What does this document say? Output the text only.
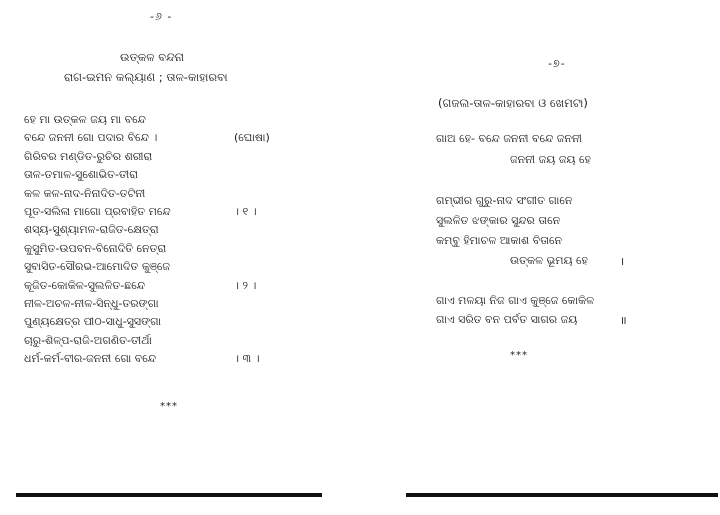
-୬ -
ଉତ୍କଳ ବନ୍ଦନା
ରାଗ-ଇମନ କଲ୍ୟାଣ ; ତାଳ-କାହାରବା
ହେ ମା ଉତ୍କଳ ଜୟ ମା ବନ୍ଦେ
ବନ୍ଦେ ଜନନୀ ଗୋ ପଦାର ବିନ୍ଦେ ।	(ଘୋଷା)
ଗିରିବର ମଣ୍ଡିତ-ରୁଚିର ଶରୀରା
ତାଳ-ତମାଳ-ସୁଶୋଭିତ-ତୀରା
କଳ କଳ-ନାଦ-ନିନାଦିତ-ତଟିନୀ
ପୂତ-ସଲିଳା ମାଗୋ ପ୍ରବାହିତ ମନ୍ଦେ	। ୧ ।
ଶସ୍ୟ-ସୁଶ୍ୟାମଳ-ରାଜିତ-କ୍ଷେତ୍ରା
କୁସୁମିତ-ଉପବନ-ବିନୋଦିତି ନେତ୍ରା
ସୁବାସିତ-ସୌରଭ-ଆମୋଦିତ କୁଞ୍ଜେ
କୂଜିତ-କୋକିଳ-ସୁଲଳିତ-ଛନ୍ଦେ	। ୨ ।
ନୀଳ-ଅଚଳ-ନୀଳ-ସିନ୍ଧୁ-ତରଙ୍ଗା
ପୁଣ୍ୟକ୍ଷେତ୍ର ପୀଠ-ସାଧୁ-ସୁସଙ୍ଗା
ଚାରୁ-ଶିଳ୍ପ-ରାଜି-ଅଗଣିତ-ତୀର୍ଥା
ଧର୍ମ-କର୍ମ-ବୀର-ଜନନୀ ଗୋ ବନ୍ଦେ	। ୩ ।
***
-୭-
(ଗଜଲ-ତାଳ-କାହାରବା ଓ ଖେମଟା)
ଗାଅ ହେ- ବନ୍ଦେ ଜନନୀ ବନ୍ଦେ ଜନନୀ
ଜନନୀ ଜୟ ଜୟ ହେ
ଗମ୍ଭୀର ଗୁରୁ-ନାଦ ସଂଗୀତ ଗାନେ
ସୁଲଳିତ ଝଙ୍କାର ସୁନ୍ଦର ତାନେ
କମ୍ବୁ ହିମାଚଳ ଆକାଶ ବିତାନେ
ଉତ୍କଳ ଭୂମୟ ହେ	।
ଗାଏ ମଳୟା ନିଜ ଗାଏ କୁଞ୍ଜେ କୋକିଳ
ଗାଏ ସରିତ ବନ ପର୍ବତ ସାଗର ଜୟ	॥
***
